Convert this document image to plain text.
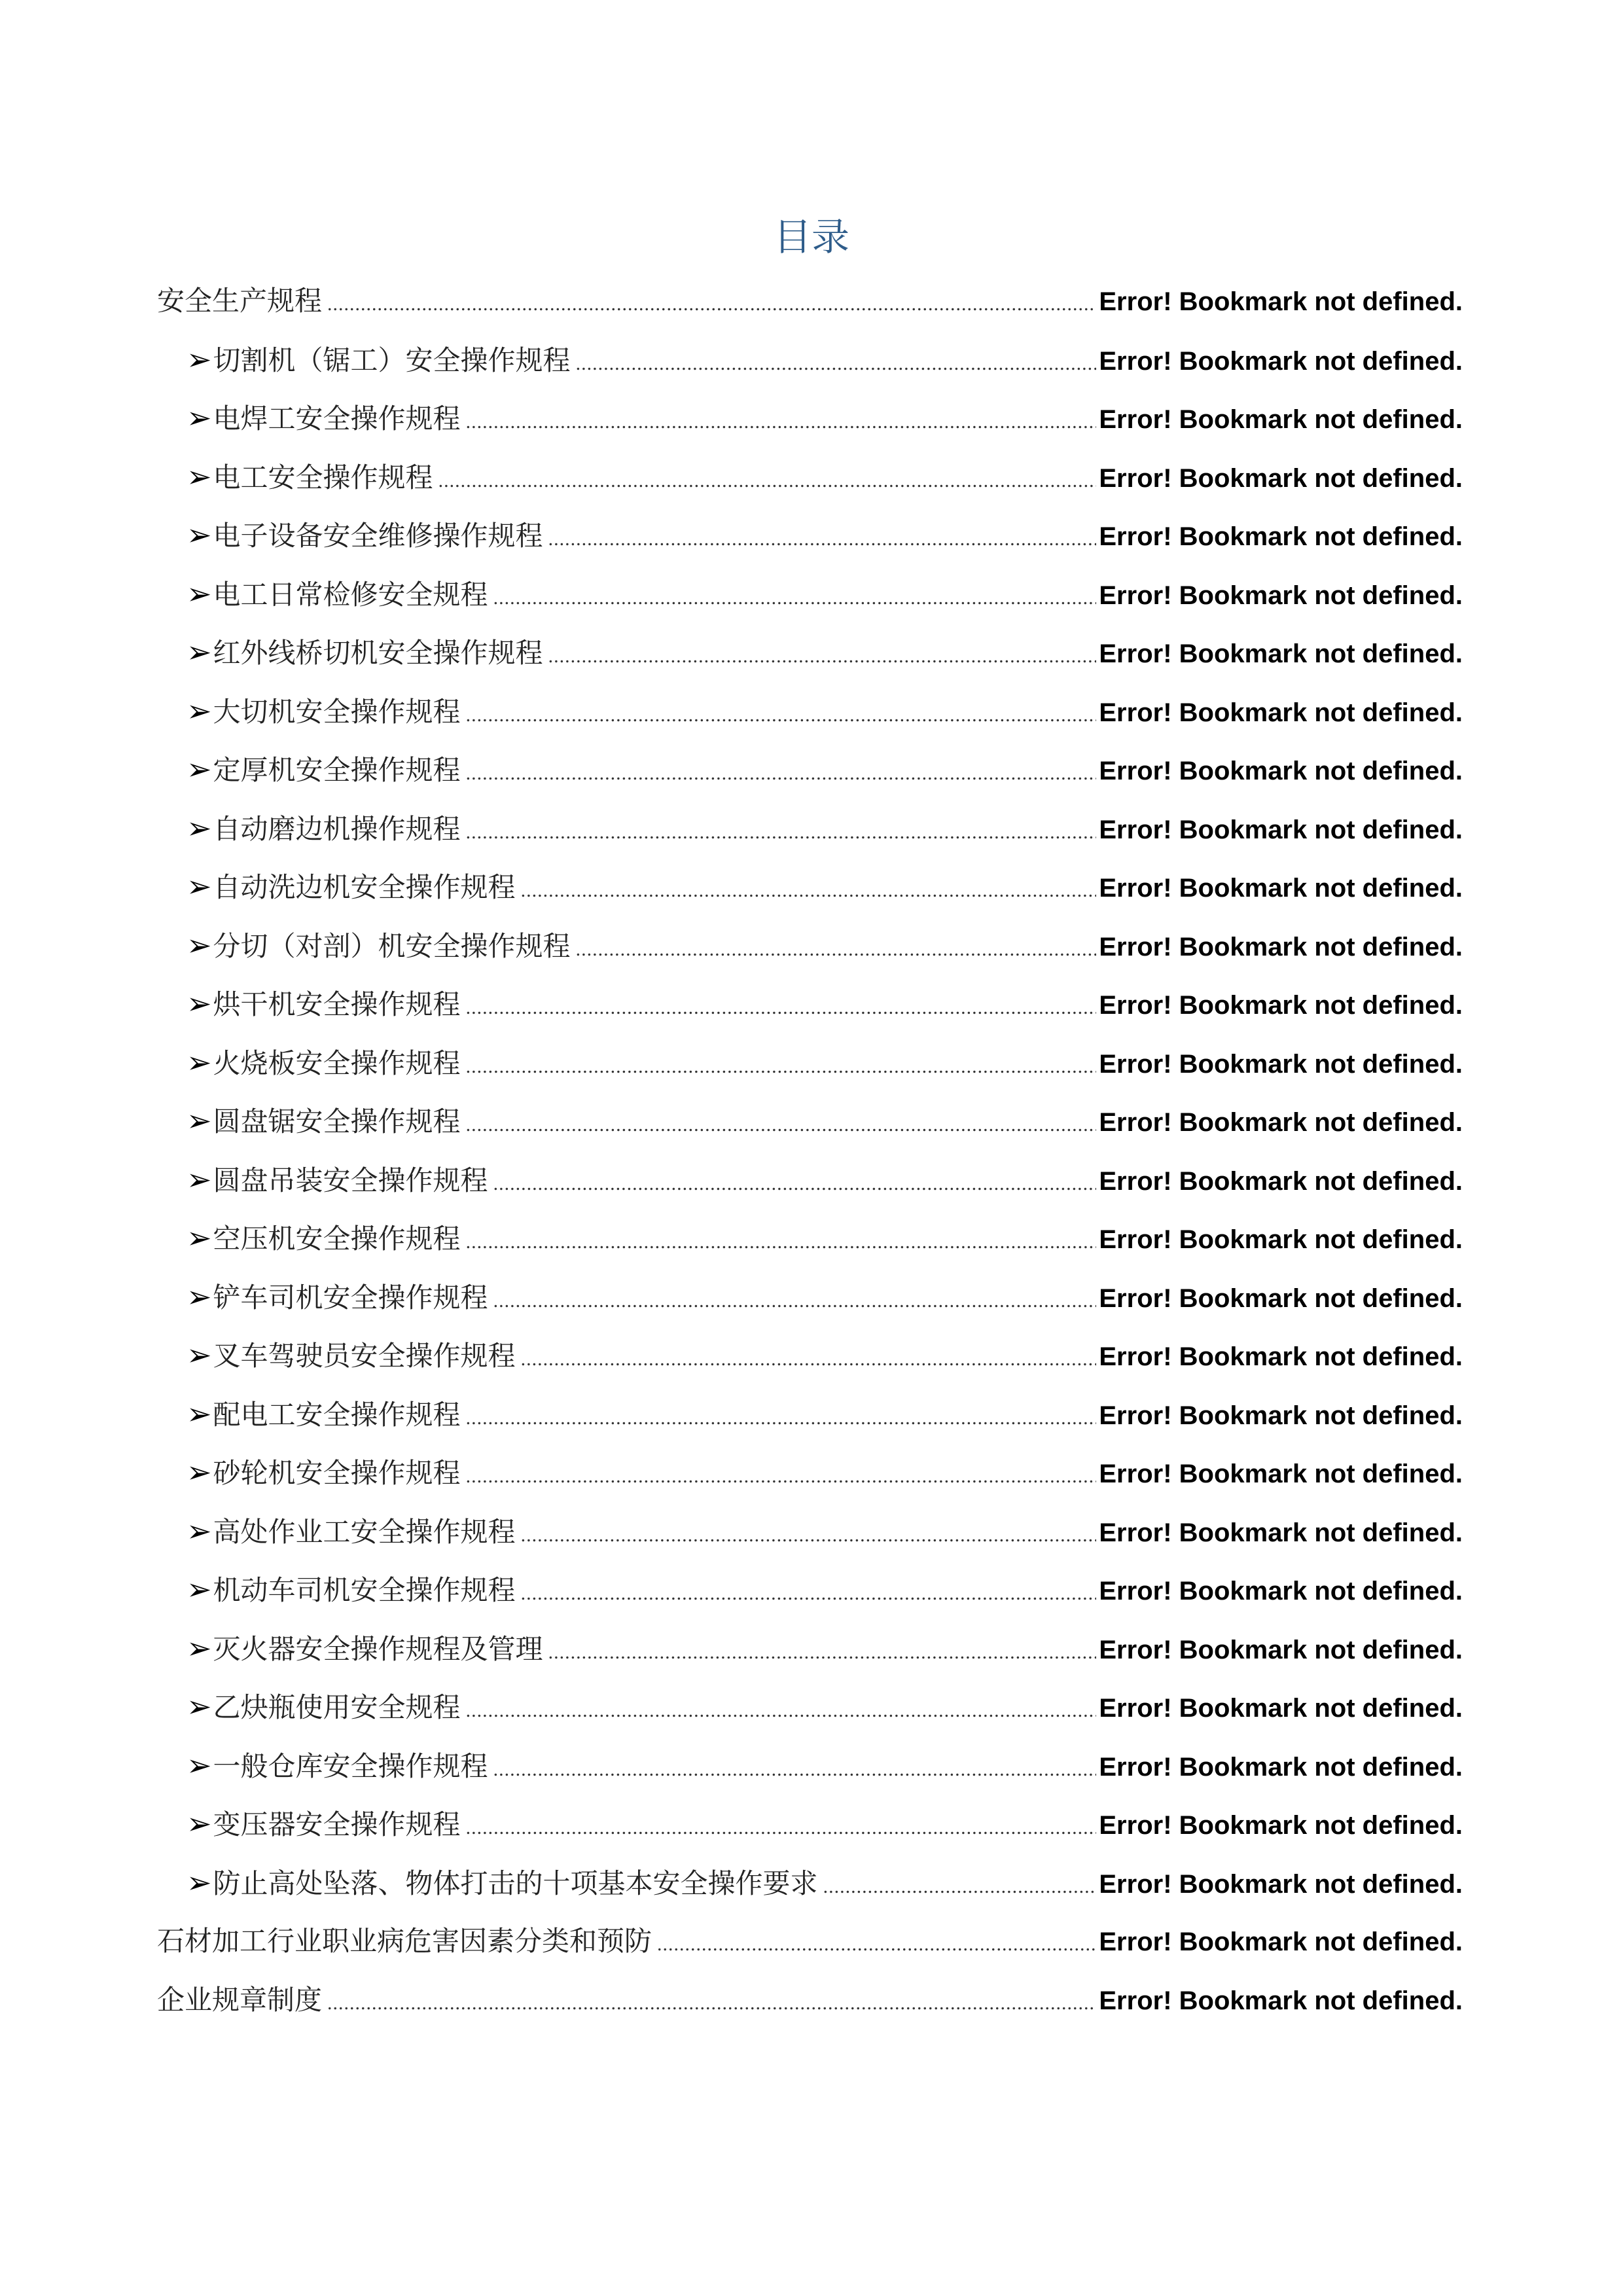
目录
安全生产规程 .....	Error! Bookmark not defined.
➢ 切割机（锯工）安全操作规程 .....	Error! Bookmark not defined.
➢ 电焊工安全操作规程 .....	Error! Bookmark not defined.
➢ 电工安全操作规程 .....	Error! Bookmark not defined.
➢ 电子设备安全维修操作规程 .....	Error! Bookmark not defined.
➢ 电工日常检修安全规程 .....	Error! Bookmark not defined.
➢ 红外线桥切机安全操作规程 .....	Error! Bookmark not defined.
➢ 大切机安全操作规程 .....	Error! Bookmark not defined.
➢ 定厚机安全操作规程 .....	Error! Bookmark not defined.
➢ 自动磨边机操作规程 .....	Error! Bookmark not defined.
➢ 自动洗边机安全操作规程 .....	Error! Bookmark not defined.
➢ 分切（对剖）机安全操作规程 .....	Error! Bookmark not defined.
➢ 烘干机安全操作规程 .....	Error! Bookmark not defined.
➢ 火烧板安全操作规程 .....	Error! Bookmark not defined.
➢ 圆盘锯安全操作规程 .....	Error! Bookmark not defined.
➢ 圆盘吊装安全操作规程 .....	Error! Bookmark not defined.
➢ 空压机安全操作规程 .....	Error! Bookmark not defined.
➢ 铲车司机安全操作规程 .....	Error! Bookmark not defined.
➢ 叉车驾驶员安全操作规程 .....	Error! Bookmark not defined.
➢ 配电工安全操作规程 .....	Error! Bookmark not defined.
➢ 砂轮机安全操作规程 .....	Error! Bookmark not defined.
➢ 高处作业工安全操作规程 .....	Error! Bookmark not defined.
➢ 机动车司机安全操作规程 .....	Error! Bookmark not defined.
➢ 灭火器安全操作规程及管理 .....	Error! Bookmark not defined.
➢ 乙炔瓶使用安全规程 .....	Error! Bookmark not defined.
➢ 一般仓库安全操作规程 .....	Error! Bookmark not defined.
➢ 变压器安全操作规程 .....	Error! Bookmark not defined.
➢ 防止高处坠落、物体打击的十项基本安全操作要求 .....	Error! Bookmark not defined.
石材加工行业职业病危害因素分类和预防 .....	Error! Bookmark not defined.
企业规章制度 .....	Error! Bookmark not defined.
